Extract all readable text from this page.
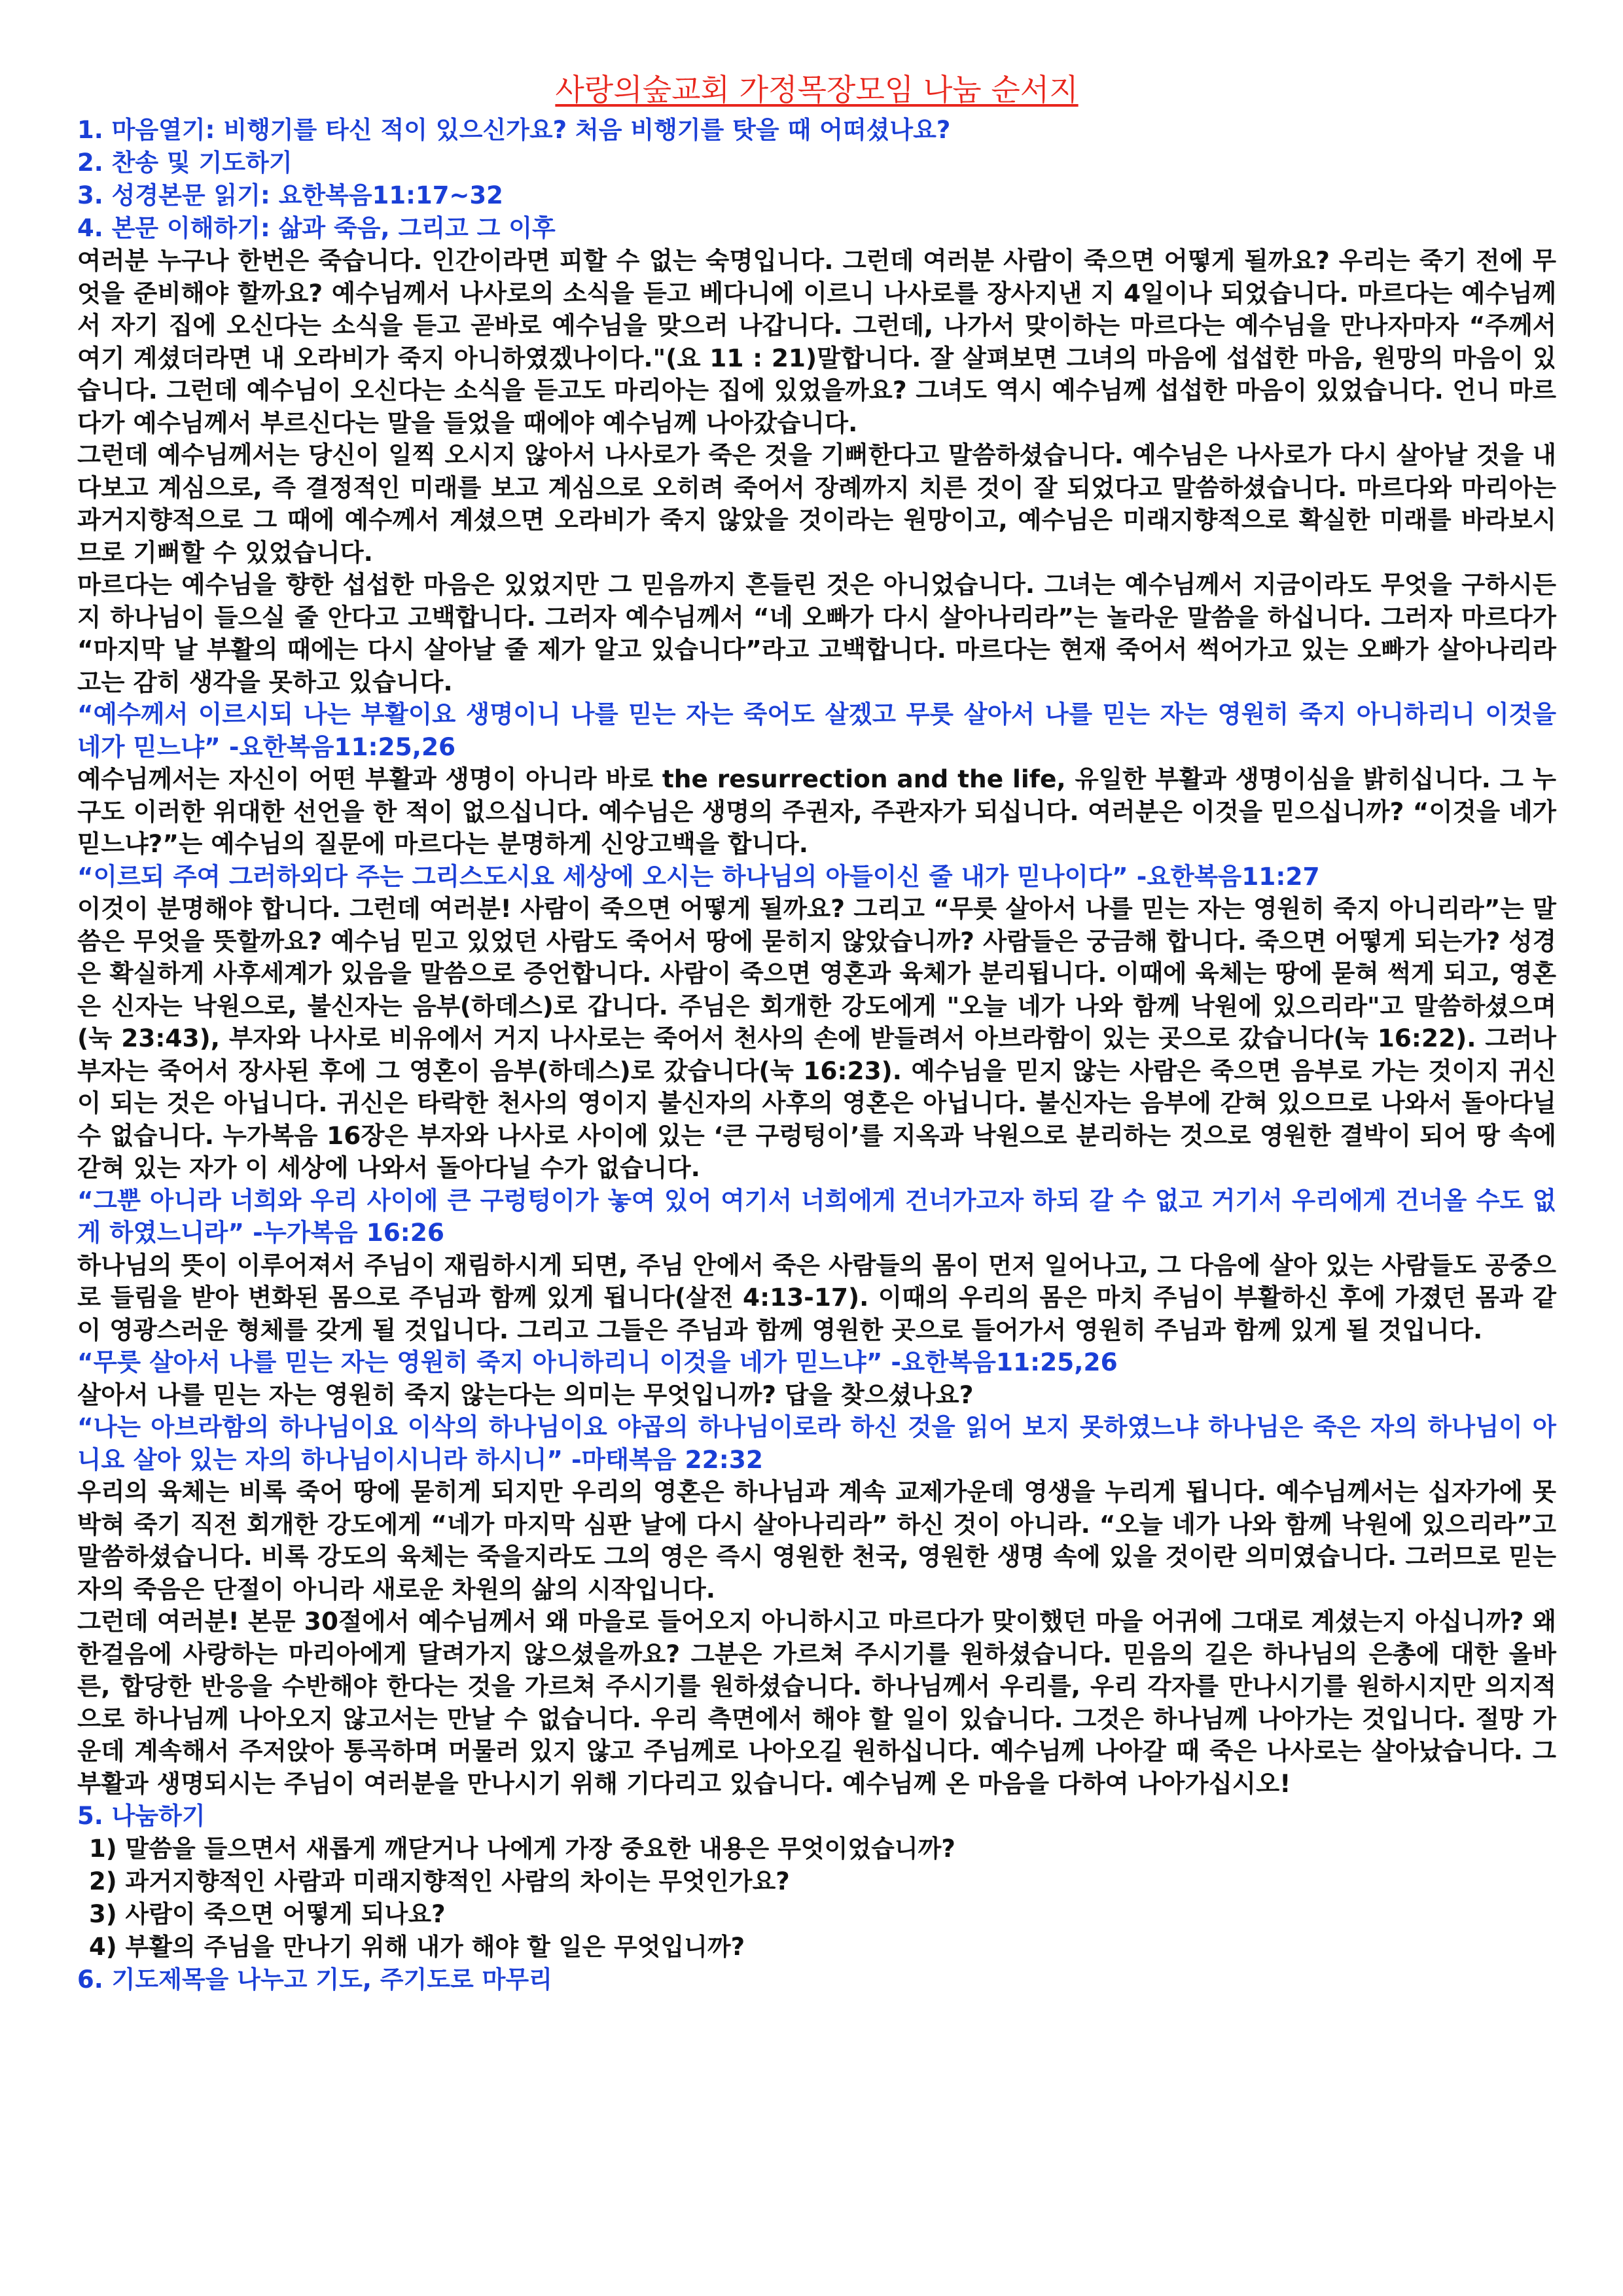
사랑의숲교회 가정목장모임 나눔 순서지

1. 마음열기: 비행기를 타신 적이 있으신가요? 처음 비행기를 탓을 때 어떠셨나요?

2. 찬송 및 기도하기

3. 성경본문 읽기: 요한복음11:17~32

4. 본문 이해하기: 삶과 죽음, 그리고 그 이후

여러분 누구나 한번은 죽습니다. 인간이라면 피할 수 없는 숙명입니다. 그런데 여러분 사람이 죽으면 어떻게 될까요? 우리는 죽기 전에 무엇을 준비해야 할까요? 예수님께서 나사로의 소식을 듣고 베다니에 이르니 나사로를 장사지낸 지 4일이나 되었습니다. 마르다는 예수님께서 자기 집에 오신다는 소식을 듣고 곧바로 예수님을 맞으러 나갑니다. 그런데, 나가서 맞이하는 마르다는 예수님을 만나자마자 “주께서 여기 계셨더라면 내 오라비가 죽지 아니하였겠나이다."(요 11 : 21)말합니다. 잘 살펴보면 그녀의 마음에 섭섭한 마음, 원망의 마음이 있습니다. 그런데 예수님이 오신다는 소식을 듣고도 마리아는 집에 있었을까요? 그녀도 역시 예수님께 섭섭한 마음이 있었습니다. 언니 마르다가 예수님께서 부르신다는 말을 들었을 때에야 예수님께 나아갔습니다.

그런데 예수님께서는 당신이 일찍 오시지 않아서 나사로가 죽은 것을 기뻐한다고 말씀하셨습니다. 예수님은 나사로가 다시 살아날 것을 내다보고 계심으로, 즉 결정적인 미래를 보고 계심으로 오히려 죽어서 장례까지 치른 것이 잘 되었다고 말씀하셨습니다. 마르다와 마리아는 과거지향적으로 그 때에 예수께서 계셨으면 오라비가 죽지 않았을 것이라는 원망이고, 예수님은 미래지향적으로 확실한 미래를 바라보시므로 기뻐할 수 있었습니다.

마르다는 예수님을 향한 섭섭한 마음은 있었지만 그 믿음까지 흔들린 것은 아니었습니다. 그녀는 예수님께서 지금이라도 무엇을 구하시든지 하나님이 들으실 줄 안다고 고백합니다. 그러자 예수님께서 “네 오빠가 다시 살아나리라”는 놀라운 말씀을 하십니다. 그러자 마르다가 “마지막 날 부활의 때에는 다시 살아날 줄 제가 알고 있습니다”라고 고백합니다. 마르다는 현재 죽어서 썩어가고 있는 오빠가 살아나리라고는 감히 생각을 못하고 있습니다.

“예수께서 이르시되 나는 부활이요 생명이니 나를 믿는 자는 죽어도 살겠고 무릇 살아서 나를 믿는 자는 영원히 죽지 아니하리니 이것을 네가 믿느냐” -요한복음11:25,26

예수님께서는 자신이 어떤 부활과 생명이 아니라 바로 the resurrection and the life, 유일한 부활과 생명이심을 밝히십니다. 그 누구도 이러한 위대한 선언을 한 적이 없으십니다. 예수님은 생명의 주권자, 주관자가 되십니다. 여러분은 이것을 믿으십니까? “이것을 네가 믿느냐?”는 예수님의 질문에 마르다는 분명하게 신앙고백을 합니다.

“이르되 주여 그러하외다 주는 그리스도시요 세상에 오시는 하나님의 아들이신 줄 내가 믿나이다” -요한복음11:27

이것이 분명해야 합니다. 그런데 여러분! 사람이 죽으면 어떻게 될까요? 그리고 “무릇 살아서 나를 믿는 자는 영원히 죽지 아니리라”는 말씀은 무엇을 뜻할까요? 예수님 믿고 있었던 사람도 죽어서 땅에 묻히지 않았습니까? 사람들은 궁금해 합니다. 죽으면 어떻게 되는가? 성경은 확실하게 사후세계가 있음을 말씀으로 증언합니다. 사람이 죽으면 영혼과 육체가 분리됩니다. 이때에 육체는 땅에 묻혀 썩게 되고, 영혼은 신자는 낙원으로, 불신자는 음부(하데스)로 갑니다. 주님은 회개한 강도에게 "오늘 네가 나와 함께 낙원에 있으리라"고 말씀하셨으며 (눅 23:43), 부자와 나사로 비유에서 거지 나사로는 죽어서 천사의 손에 받들려서 아브라함이 있는 곳으로 갔습니다(눅 16:22). 그러나 부자는 죽어서 장사된 후에 그 영혼이 음부(하데스)로 갔습니다(눅 16:23). 예수님을 믿지 않는 사람은 죽으면 음부로 가는 것이지 귀신이 되는 것은 아닙니다. 귀신은 타락한 천사의 영이지 불신자의 사후의 영혼은 아닙니다. 불신자는 음부에 갇혀 있으므로 나와서 돌아다닐 수 없습니다. 누가복음 16장은 부자와 나사로 사이에 있는 ‘큰 구렁텅이’를 지옥과 낙원으로 분리하는 것으로 영원한 결박이 되어 땅 속에 갇혀 있는 자가 이 세상에 나와서 돌아다닐 수가 없습니다.

“그뿐 아니라 너희와 우리 사이에 큰 구렁텅이가 놓여 있어 여기서 너희에게 건너가고자 하되 갈 수 없고 거기서 우리에게 건너올 수도 없게 하였느니라” -누가복음 16:26

하나님의 뜻이 이루어져서 주님이 재림하시게 되면, 주님 안에서 죽은 사람들의 몸이 먼저 일어나고, 그 다음에 살아 있는 사람들도 공중으로 들림을 받아 변화된 몸으로 주님과 함께 있게 됩니다(살전 4:13-17). 이때의 우리의 몸은 마치 주님이 부활하신 후에 가졌던 몸과 같이 영광스러운 형체를 갖게 될 것입니다. 그리고 그들은 주님과 함께 영원한 곳으로 들어가서 영원히 주님과 함께 있게 될 것입니다.

“무릇 살아서 나를 믿는 자는 영원히 죽지 아니하리니 이것을 네가 믿느냐” -요한복음11:25,26

살아서 나를 믿는 자는 영원히 죽지 않는다는 의미는 무엇입니까? 답을 찾으셨나요?

“나는 아브라함의 하나님이요 이삭의 하나님이요 야곱의 하나님이로라 하신 것을 읽어 보지 못하였느냐 하나님은 죽은 자의 하나님이 아니요 살아 있는 자의 하나님이시니라 하시니” -마태복음 22:32

우리의 육체는 비록 죽어 땅에 묻히게 되지만 우리의 영혼은 하나님과 계속 교제가운데 영생을 누리게 됩니다. 예수님께서는 십자가에 못 박혀 죽기 직전 회개한 강도에게 “네가 마지막 심판 날에 다시 살아나리라” 하신 것이 아니라. “오늘 네가 나와 함께 낙원에 있으리라”고 말씀하셨습니다. 비록 강도의 육체는 죽을지라도 그의 영은 즉시 영원한 천국, 영원한 생명 속에 있을 것이란 의미였습니다. 그러므로 믿는 자의 죽음은 단절이 아니라 새로운 차원의 삶의 시작입니다.

그런데 여러분! 본문 30절에서 예수님께서 왜 마을로 들어오지 아니하시고 마르다가 맞이했던 마을 어귀에 그대로 계셨는지 아십니까? 왜 한걸음에 사랑하는 마리아에게 달려가지 않으셨을까요? 그분은 가르쳐 주시기를 원하셨습니다. 믿음의 길은 하나님의 은총에 대한 올바른, 합당한 반응을 수반해야 한다는 것을 가르쳐 주시기를 원하셨습니다. 하나님께서 우리를, 우리 각자를 만나시기를 원하시지만 의지적으로 하나님께 나아오지 않고서는 만날 수 없습니다. 우리 측면에서 해야 할 일이 있습니다. 그것은 하나님께 나아가는 것입니다. 절망 가운데 계속해서 주저앉아 통곡하며 머물러 있지 않고 주님께로 나아오길 원하십니다. 예수님께 나아갈 때 죽은 나사로는 살아났습니다. 그 부활과 생명되시는 주님이 여러분을 만나시기 위해 기다리고 있습니다. 예수님께 온 마음을 다하여 나아가십시오!

5. 나눔하기

1) 말씀을 들으면서 새롭게 깨닫거나 나에게 가장 중요한 내용은 무엇이었습니까?

2) 과거지향적인 사람과 미래지향적인 사람의 차이는 무엇인가요?

3) 사람이 죽으면 어떻게 되나요?

4) 부활의 주님을 만나기 위해 내가 해야 할 일은 무엇입니까?

6. 기도제목을 나누고 기도, 주기도로 마무리
